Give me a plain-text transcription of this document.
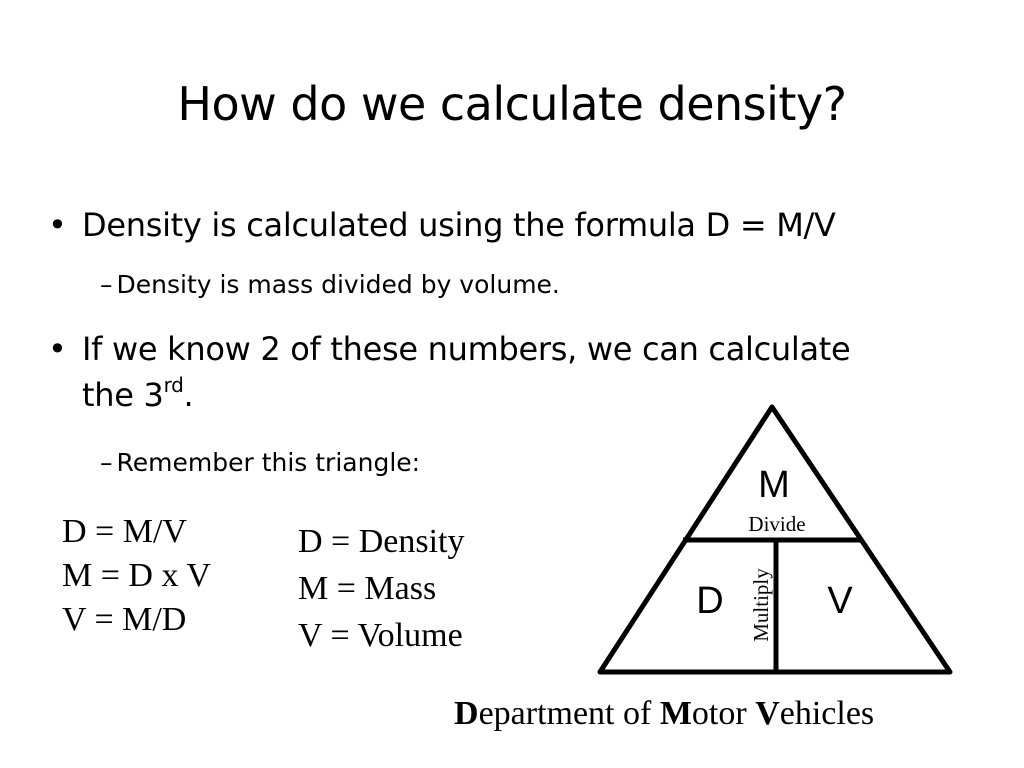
How do we calculate density?
• Density is calculated using the formula D = M/V
– Density is mass divided by volume.
• If we know 2 of these numbers, we can calculate
the 3rd.
– Remember this triangle:
D = M/V
M = D x V
V = M/D
D = Density
M = Mass
V = Volume
M
Divide
D	V
Multiply
Department of Motor Vehicles
